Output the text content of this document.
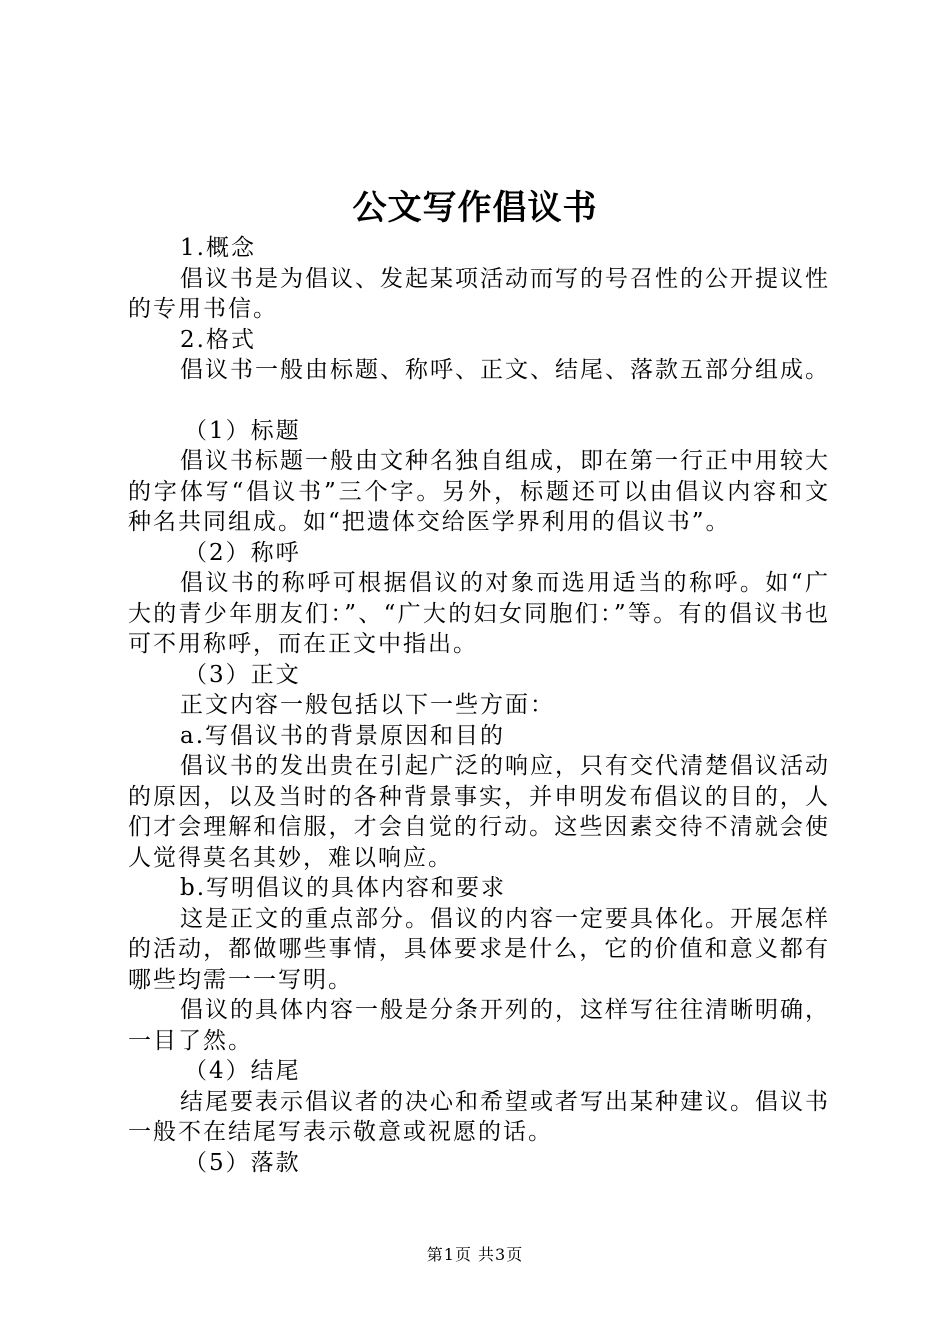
公文写作倡议书

1.概念

倡议书是为倡议、发起某项活动而写的号召性的公开提议性的专用书信。

2.格式

倡议书一般由标题、称呼、正文、结尾、落款五部分组成。

（1）标题

倡议书标题一般由文种名独自组成，即在第一行正中用较大的字体写“倡议书”三个字。另外，标题还可以由倡议内容和文种名共同组成。如“把遗体交给医学界利用的倡议书”。

（2）称呼

倡议书的称呼可根据倡议的对象而选用适当的称呼。如“广大的青少年朋友们：”、“广大的妇女同胞们：”等。有的倡议书也可不用称呼，而在正文中指出。

（3）正文

正文内容一般包括以下一些方面：

a.写倡议书的背景原因和目的

倡议书的发出贵在引起广泛的响应，只有交代清楚倡议活动的原因，以及当时的各种背景事实，并申明发布倡议的目的，人们才会理解和信服，才会自觉的行动。这些因素交待不清就会使人觉得莫名其妙，难以响应。

b.写明倡议的具体内容和要求

这是正文的重点部分。倡议的内容一定要具体化。开展怎样的活动，都做哪些事情，具体要求是什么，它的价值和意义都有哪些均需一一写明。

倡议的具体内容一般是分条开列的，这样写往往清晰明确，一目了然。

（4）结尾

结尾要表示倡议者的决心和希望或者写出某种建议。倡议书一般不在结尾写表示敬意或祝愿的话。

（5）落款

第1页 共3页
